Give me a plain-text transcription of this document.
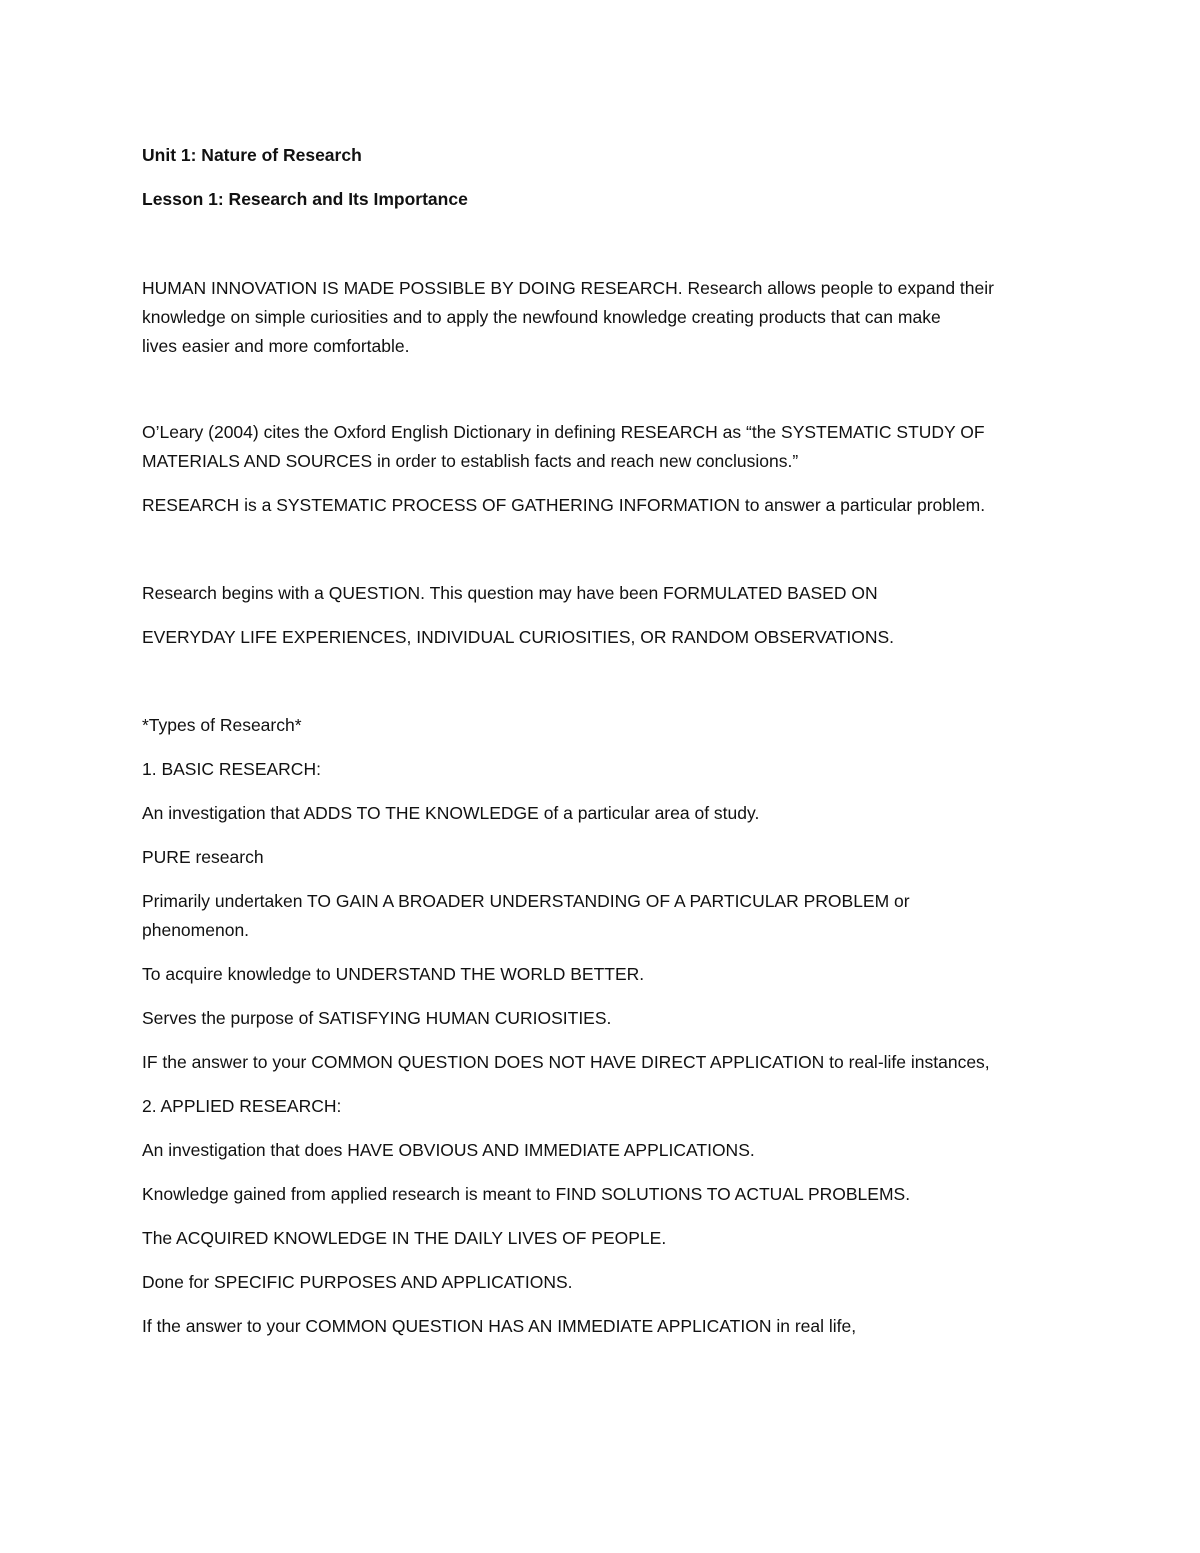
Unit 1: Nature of Research
Lesson 1: Research and Its Importance
HUMAN INNOVATION IS MADE POSSIBLE BY DOING RESEARCH. Research allows people to expand their
knowledge on simple curiosities and to apply the newfound knowledge creating products that can make
lives easier and more comfortable.
O’Leary (2004) cites the Oxford English Dictionary in defining RESEARCH as “the SYSTEMATIC STUDY OF
MATERIALS AND SOURCES in order to establish facts and reach new conclusions.”
RESEARCH is a SYSTEMATIC PROCESS OF GATHERING INFORMATION to answer a particular problem.
Research begins with a QUESTION. This question may have been FORMULATED BASED ON
EVERYDAY LIFE EXPERIENCES, INDIVIDUAL CURIOSITIES, OR RANDOM OBSERVATIONS.
*Types of Research*
1. BASIC RESEARCH:
An investigation that ADDS TO THE KNOWLEDGE of a particular area of study.
PURE research
Primarily undertaken TO GAIN A BROADER UNDERSTANDING OF A PARTICULAR PROBLEM or
phenomenon.
To acquire knowledge to UNDERSTAND THE WORLD BETTER.
Serves the purpose of SATISFYING HUMAN CURIOSITIES.
IF the answer to your COMMON QUESTION DOES NOT HAVE DIRECT APPLICATION to real-life instances,
2. APPLIED RESEARCH:
An investigation that does HAVE OBVIOUS AND IMMEDIATE APPLICATIONS.
Knowledge gained from applied research is meant to FIND SOLUTIONS TO ACTUAL PROBLEMS.
The ACQUIRED KNOWLEDGE IN THE DAILY LIVES OF PEOPLE.
Done for SPECIFIC PURPOSES AND APPLICATIONS.
If the answer to your COMMON QUESTION HAS AN IMMEDIATE APPLICATION in real life,
